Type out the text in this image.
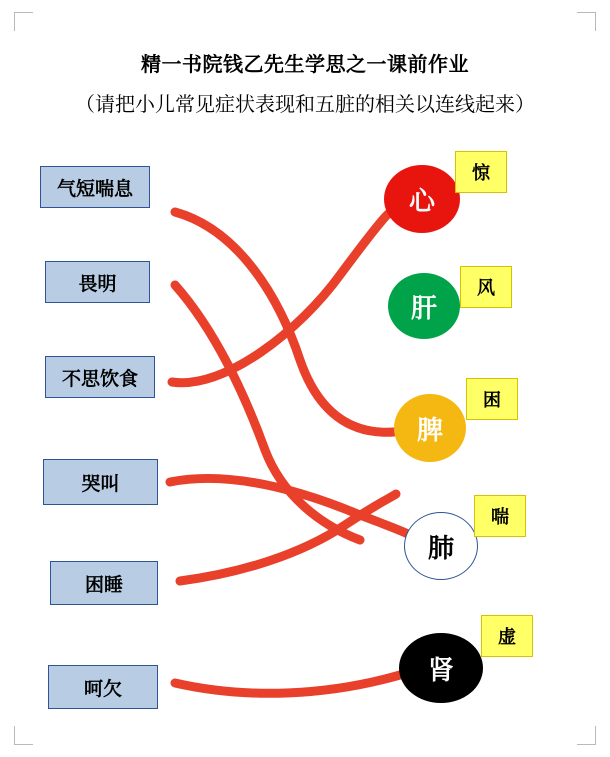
精一书院钱乙先生学思之一课前作业
（请把小儿常见症状表现和五脏的相关以连线起来）
气短喘息
畏明
不思饮食
哭叫
困睡
呵欠
心
肝
脾
肺
肾
惊
风
困
喘
虚
